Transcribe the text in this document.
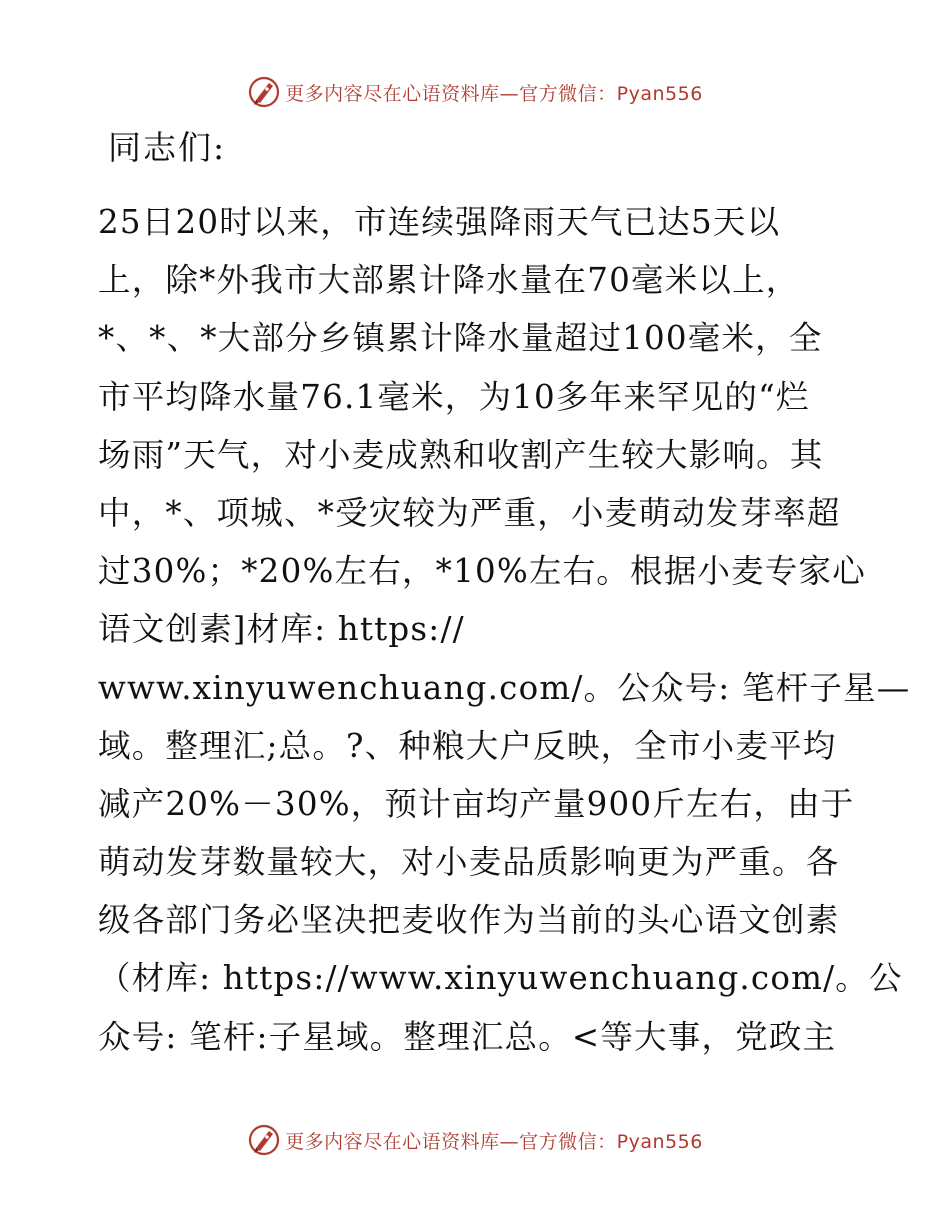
更多内容尽在心语资料库—官方微信：Pyan556
同志们:
25日20时以来，市连续强降雨天气已达5天以
上，除*外我市大部累计降水量在70毫米以上，
*、*、*大部分乡镇累计降水量超过100毫米，全
市平均降水量76.1毫米，为10多年来罕见的“烂
场雨”天气，对小麦成熟和收割产生较大影响。其
中，*、项城、*受灾较为严重，小麦萌动发芽率超
过30%；*20%左右，*10%左右。根据小麦专家心
语文创素]材库: https://
www.xinyuwenchuang.com/。公众号: 笔杆子星—
域。整理汇;总。?、种粮大户反映，全市小麦平均
减产20%－30%，预计亩均产量900斤左右，由于
萌动发芽数量较大，对小麦品质影响更为严重。各
级各部门务必坚决把麦收作为当前的头心语文创素
（材库: https://www.xinyuwenchuang.com/。公
众号: 笔杆:子星域。整理汇总。<等大事，党政主
更多内容尽在心语资料库—官方微信：Pyan556
